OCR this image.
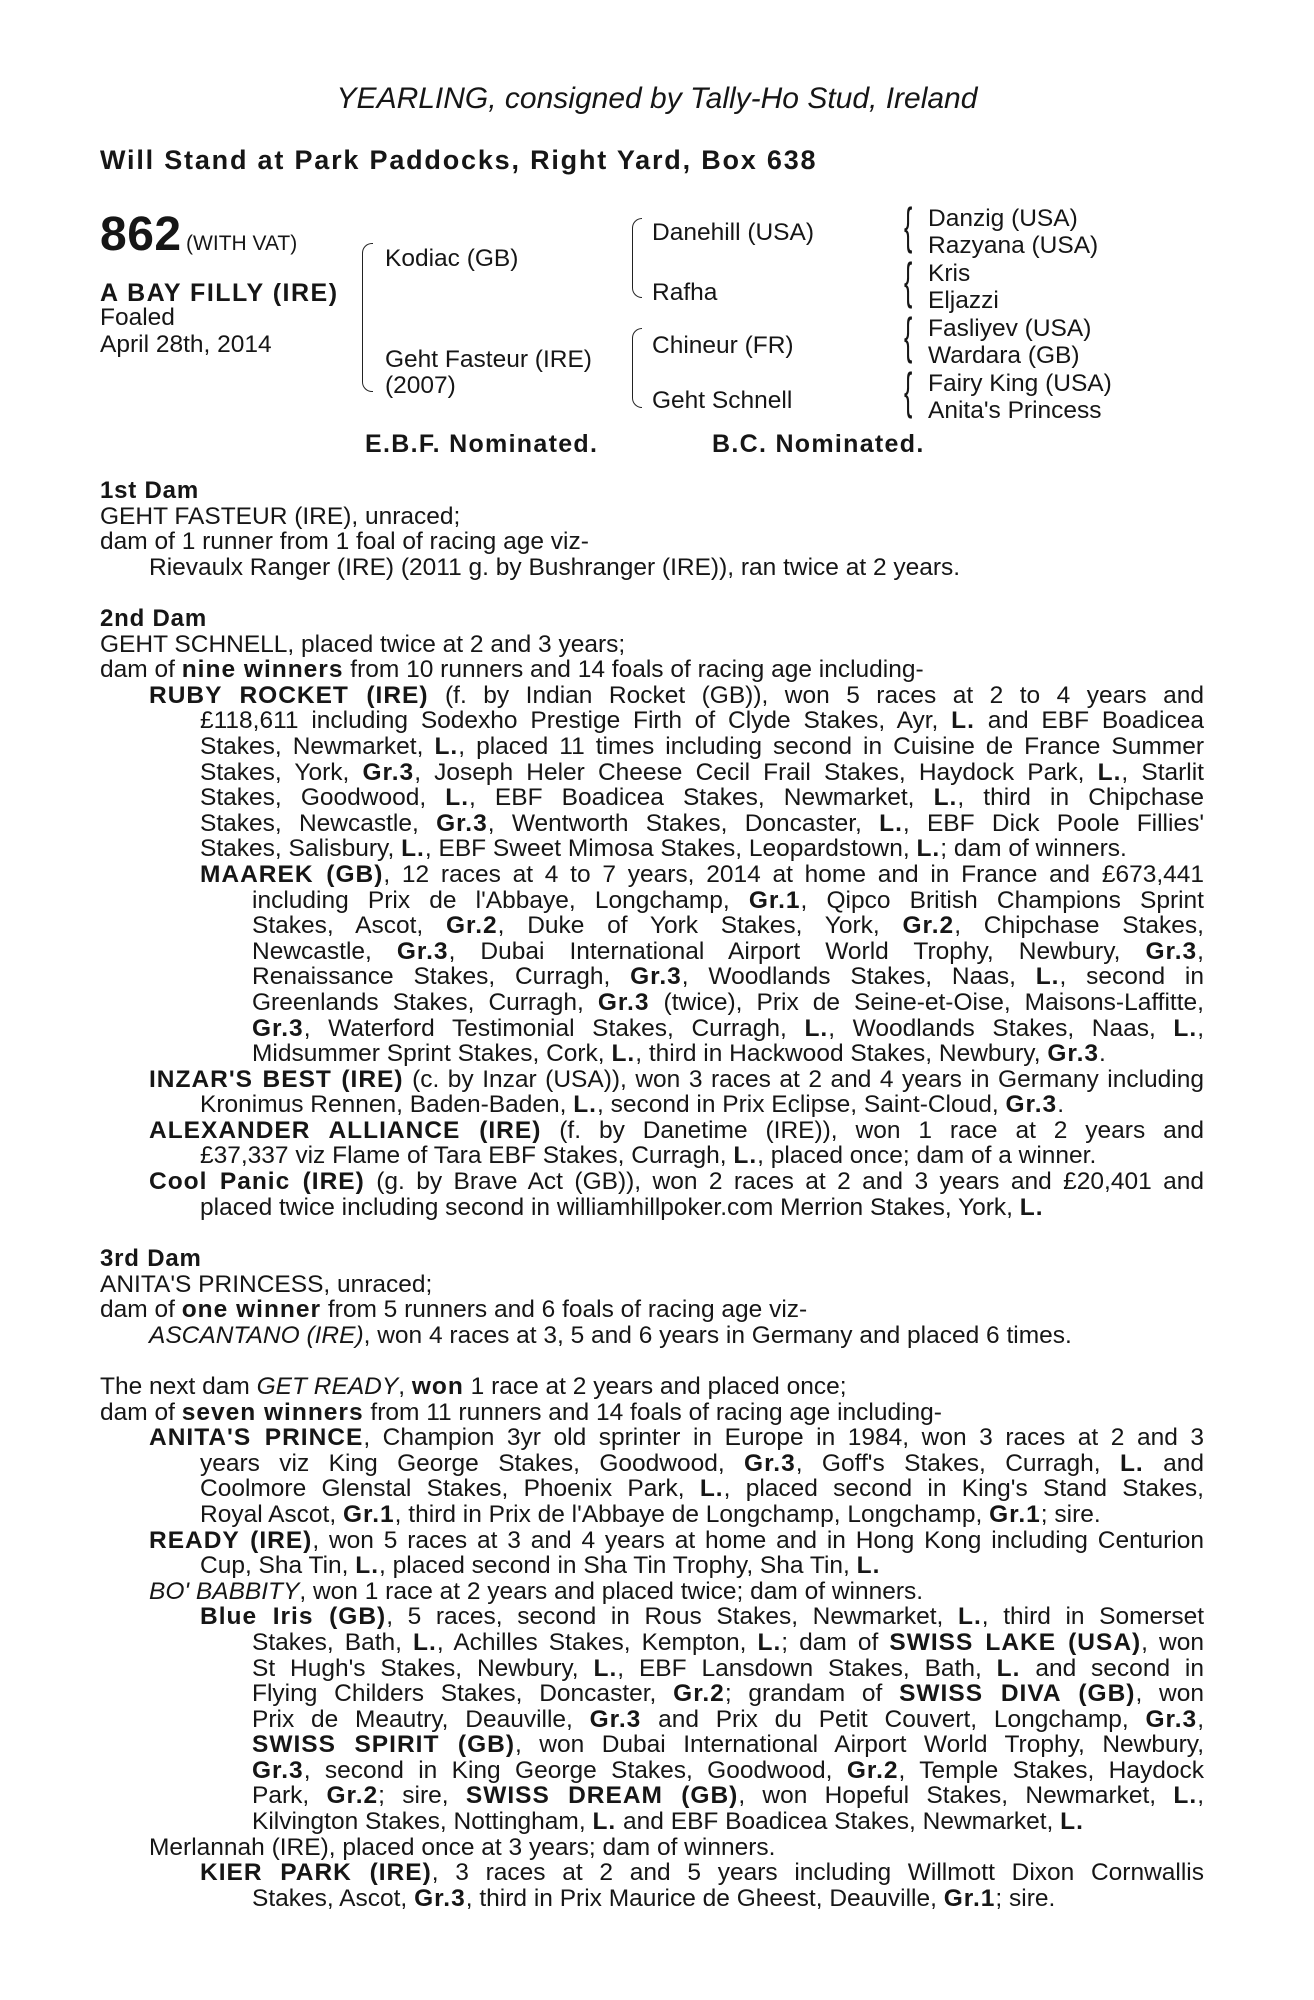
YEARLING, consigned by Tally-Ho Stud, Ireland
Will Stand at Park Paddocks, Right Yard, Box 638
862 (WITH VAT)
A BAY FILLY (IRE)
Foaled
April 28th, 2014
{
{
{
{
Kodiac (GB)
Geht Fasteur (IRE)
(2007)
Danehill (USA)
Rafha
Chineur (FR)
Geht Schnell
Danzig (USA)
Razyana (USA)
Kris
Eljazzi
Fasliyev (USA)
Wardara (GB)
Fairy King (USA)
Anita's Princess
E.B.F. Nominated.	B.C. Nominated.
1st Dam
GEHT FASTEUR (IRE), unraced;
dam of 1 runner from 1 foal of racing age viz-
Rievaulx Ranger (IRE) (2011 g. by Bushranger (IRE)), ran twice at 2 years.
2nd Dam
GEHT SCHNELL, placed twice at 2 and 3 years;
dam of nine winners from 10 runners and 14 foals of racing age including-
RUBY ROCKET (IRE) (f. by Indian Rocket (GB)), won 5 races at 2 to 4 years and
£118,611 including Sodexho Prestige Firth of Clyde Stakes, Ayr, L. and EBF Boadicea
Stakes, Newmarket, L., placed 11 times including second in Cuisine de France Summer
Stakes, York, Gr.3, Joseph Heler Cheese Cecil Frail Stakes, Haydock Park, L., Starlit
Stakes, Goodwood, L., EBF Boadicea Stakes, Newmarket, L., third in Chipchase
Stakes, Newcastle, Gr.3, Wentworth Stakes, Doncaster, L., EBF Dick Poole Fillies'
Stakes, Salisbury, L., EBF Sweet Mimosa Stakes, Leopardstown, L.; dam of winners.
MAAREK (GB), 12 races at 4 to 7 years, 2014 at home and in France and £673,441
including Prix de l'Abbaye, Longchamp, Gr.1, Qipco British Champions Sprint
Stakes, Ascot, Gr.2, Duke of York Stakes, York, Gr.2, Chipchase Stakes,
Newcastle, Gr.3, Dubai International Airport World Trophy, Newbury, Gr.3,
Renaissance Stakes, Curragh, Gr.3, Woodlands Stakes, Naas, L., second in
Greenlands Stakes, Curragh, Gr.3 (twice), Prix de Seine-et-Oise, Maisons-Laffitte,
Gr.3, Waterford Testimonial Stakes, Curragh, L., Woodlands Stakes, Naas, L.,
Midsummer Sprint Stakes, Cork, L., third in Hackwood Stakes, Newbury, Gr.3.
INZAR'S BEST (IRE) (c. by Inzar (USA)), won 3 races at 2 and 4 years in Germany including
Kronimus Rennen, Baden-Baden, L., second in Prix Eclipse, Saint-Cloud, Gr.3.
ALEXANDER ALLIANCE (IRE) (f. by Danetime (IRE)), won 1 race at 2 years and
£37,337 viz Flame of Tara EBF Stakes, Curragh, L., placed once; dam of a winner.
Cool Panic (IRE) (g. by Brave Act (GB)), won 2 races at 2 and 3 years and £20,401 and
placed twice including second in williamhillpoker.com Merrion Stakes, York, L.
3rd Dam
ANITA'S PRINCESS, unraced;
dam of one winner from 5 runners and 6 foals of racing age viz-
ASCANTANO (IRE), won 4 races at 3, 5 and 6 years in Germany and placed 6 times.
The next dam GET READY, won 1 race at 2 years and placed once;
dam of seven winners from 11 runners and 14 foals of racing age including-
ANITA'S PRINCE, Champion 3yr old sprinter in Europe in 1984, won 3 races at 2 and 3
years viz King George Stakes, Goodwood, Gr.3, Goff's Stakes, Curragh, L. and
Coolmore Glenstal Stakes, Phoenix Park, L., placed second in King's Stand Stakes,
Royal Ascot, Gr.1, third in Prix de l'Abbaye de Longchamp, Longchamp, Gr.1; sire.
READY (IRE), won 5 races at 3 and 4 years at home and in Hong Kong including Centurion
Cup, Sha Tin, L., placed second in Sha Tin Trophy, Sha Tin, L.
BO' BABBITY, won 1 race at 2 years and placed twice; dam of winners.
Blue Iris (GB), 5 races, second in Rous Stakes, Newmarket, L., third in Somerset
Stakes, Bath, L., Achilles Stakes, Kempton, L.; dam of SWISS LAKE (USA), won
St Hugh's Stakes, Newbury, L., EBF Lansdown Stakes, Bath, L. and second in
Flying Childers Stakes, Doncaster, Gr.2; grandam of SWISS DIVA (GB), won
Prix de Meautry, Deauville, Gr.3 and Prix du Petit Couvert, Longchamp, Gr.3,
SWISS SPIRIT (GB), won Dubai International Airport World Trophy, Newbury,
Gr.3, second in King George Stakes, Goodwood, Gr.2, Temple Stakes, Haydock
Park, Gr.2; sire, SWISS DREAM (GB), won Hopeful Stakes, Newmarket, L.,
Kilvington Stakes, Nottingham, L. and EBF Boadicea Stakes, Newmarket, L.
Merlannah (IRE), placed once at 3 years; dam of winners.
KIER PARK (IRE), 3 races at 2 and 5 years including Willmott Dixon Cornwallis
Stakes, Ascot, Gr.3, third in Prix Maurice de Gheest, Deauville, Gr.1; sire.
